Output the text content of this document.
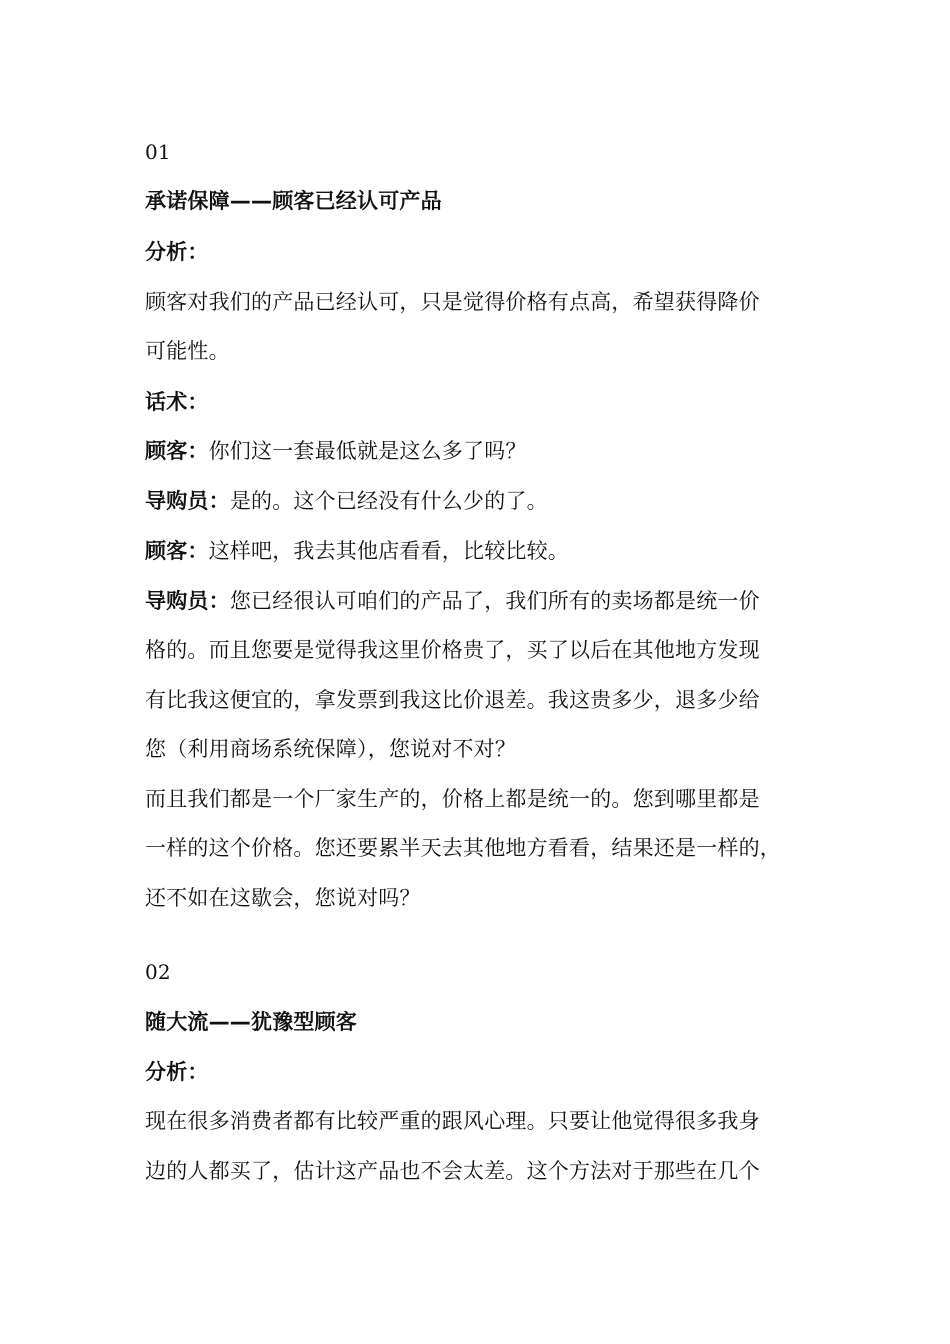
01
承诺保障——顾客已经认可产品
分析：
顾客对我们的产品已经认可，只是觉得价格有点高，希望获得降价
可能性。
话术：
顾客：你们这一套最低就是这么多了吗？
导购员：是的。这个已经没有什么少的了。
顾客：这样吧，我去其他店看看，比较比较。
导购员：您已经很认可咱们的产品了，我们所有的卖场都是统一价
格的。而且您要是觉得我这里价格贵了，买了以后在其他地方发现
有比我这便宜的，拿发票到我这比价退差。我这贵多少，退多少给
您（利用商场系统保障），您说对不对？
而且我们都是一个厂家生产的，价格上都是统一的。您到哪里都是
一样的这个价格。您还要累半天去其他地方看看，结果还是一样的，
还不如在这歇会，您说对吗？
02
随大流——犹豫型顾客
分析：
现在很多消费者都有比较严重的跟风心理。只要让他觉得很多我身
边的人都买了，估计这产品也不会太差。这个方法对于那些在几个
